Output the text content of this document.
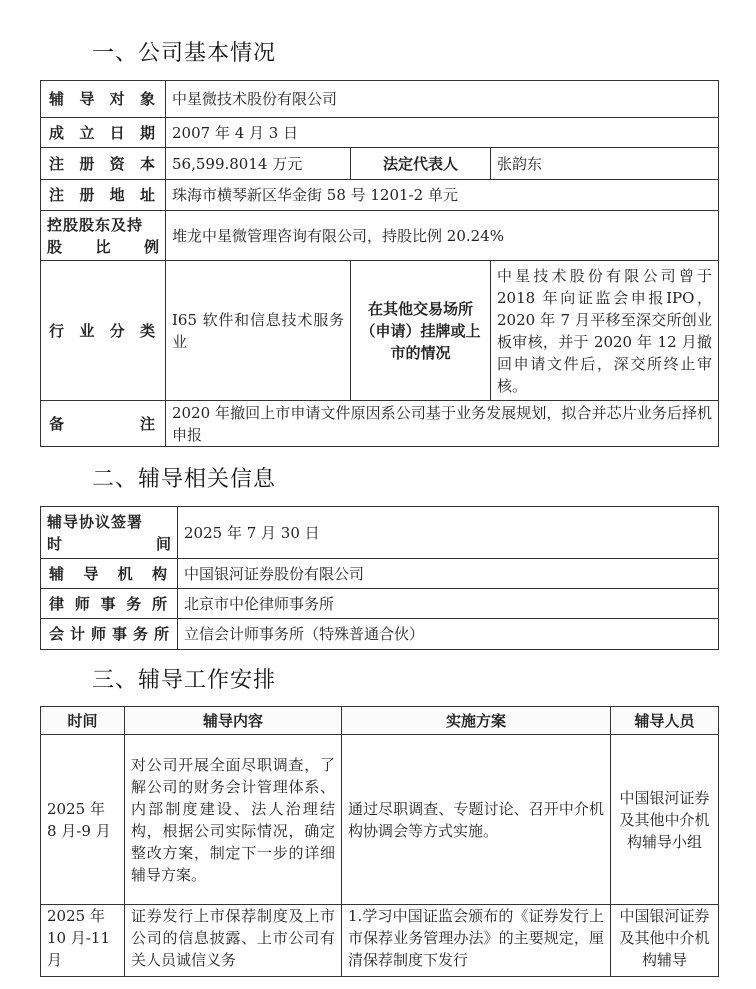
一、公司基本情况
辅导对象	中星微技术股份有限公司		
成立日期	2007 年 4 月 3 日		
注册资本	56,599.8014 万元	法定代表人	张韵东
注册地址	珠海市横琴新区华金街 58 号 1201-2 单元		

控股股东及持
股比例	堆龙中星微管理咨询有限公司，持股比例 20.24%		
行业分类	I65 软件和信息技术服务业	在其他交易场所（申请）挂牌或上市的情况	中星技术股份有限公司曾于 2018 年向证监会申报IPO，2020 年 7 月平移至深交所创业板审核，并于 2020 年 12 月撤回申请文件后，深交所终止审核。
备注	2020 年撤回上市申请文件原因系公司基于业务发展规划，拟合并芯片业务后择机申报		
二、辅导相关信息
辅导协议签署
时间	2025 年 7 月 30 日
辅导机构	中国银河证券股份有限公司
律师事务所	北京市中伦律师事务所
会计师事务所	立信会计师事务所（特殊普通合伙）
三、辅导工作安排
时间	辅导内容	实施方案	辅导人员
2025 年 8 月-9 月	对公司开展全面尽职调查，了解公司的财务会计管理体系、内部制度建设、法人治理结构，根据公司实际情况，确定整改方案，制定下一步的详细辅导方案。	通过尽职调查、专题讨论、召开中介机构协调会等方式实施。	中国银河证券及其他中介机构辅导小组
2025 年 10 月-11 月	证券发行上市保荐制度及上市公司的信息披露、上市公司有关人员诚信义务	1.学习中国证监会颁布的《证券发行上市保荐业务管理办法》的主要规定，厘清保荐制度下发行	中国银河证券及其他中介机构辅导
